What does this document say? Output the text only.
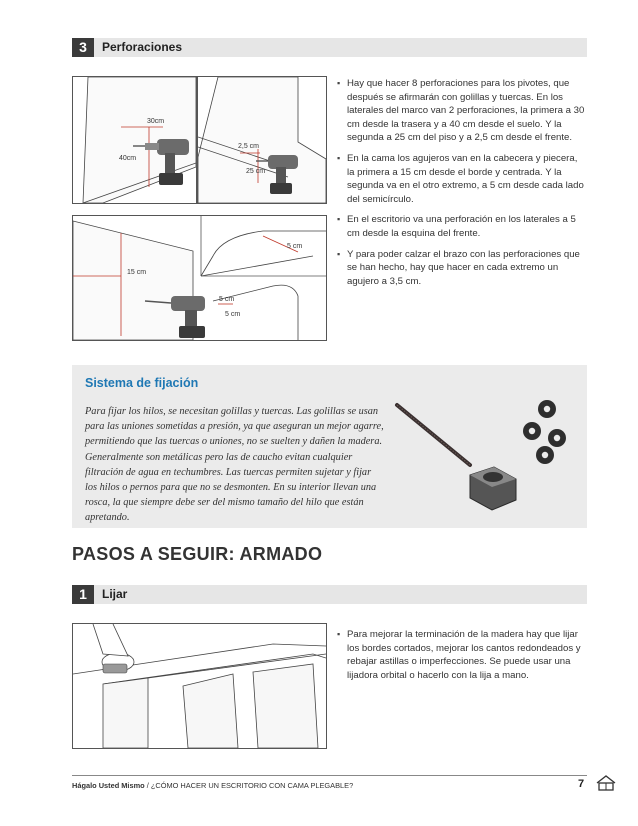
3	Perforaciones
30cm
40cm
2,5 cm
25 cm
15 cm
5 cm
5 cm
5 cm
▪ Hay que hacer 8 perforaciones para los pivotes, que después se afirmarán con golillas y tuercas. En los laterales del marco van 2 perforaciones, la primera a 30 cm desde la trasera y a 40 cm desde el suelo. Y la segunda a 25 cm del piso y a 2,5 cm desde el frente.
▪ En la cama los agujeros van en la cabecera y piecera, la primera a 15 cm desde el borde y centrada. Y la segunda va en el otro extremo, a 5 cm desde cada lado del semicírculo.
▪ En el escritorio va una perforación en los laterales a 5 cm desde la esquina del frente.
▪ Y para poder calzar el brazo con las perforaciones que se han hecho, hay que hacer en cada extremo un agujero a 3,5 cm.
Sistema de fijación
Para fijar los hilos, se necesitan golillas y tuercas. Las golillas se usan para las uniones sometidas a presión, ya que aseguran un mejor agarre, permitiendo que las tuercas o uniones, no se suelten y dañen la madera. Generalmente son metálicas pero las de caucho evitan cualquier filtración de agua en techumbres. Las tuercas permiten sujetar y fijar los hilos o pernos para que no se desmonten. En su interior llevan una rosca, la que siempre debe ser del mismo tamaño del hilo que están apretando.
PASOS A SEGUIR: ARMADO
1	Lijar
▪ Para mejorar la terminación de la madera hay que lijar los bordes cortados, mejorar los cantos redondeados y rebajar astillas o imperfecciones. Se puede usar una lijadora orbital o hacerlo con la lija a mano.
Hágalo Usted Mismo / ¿CÓMO HACER UN ESCRITORIO CON CAMA PLEGABLE?	7
